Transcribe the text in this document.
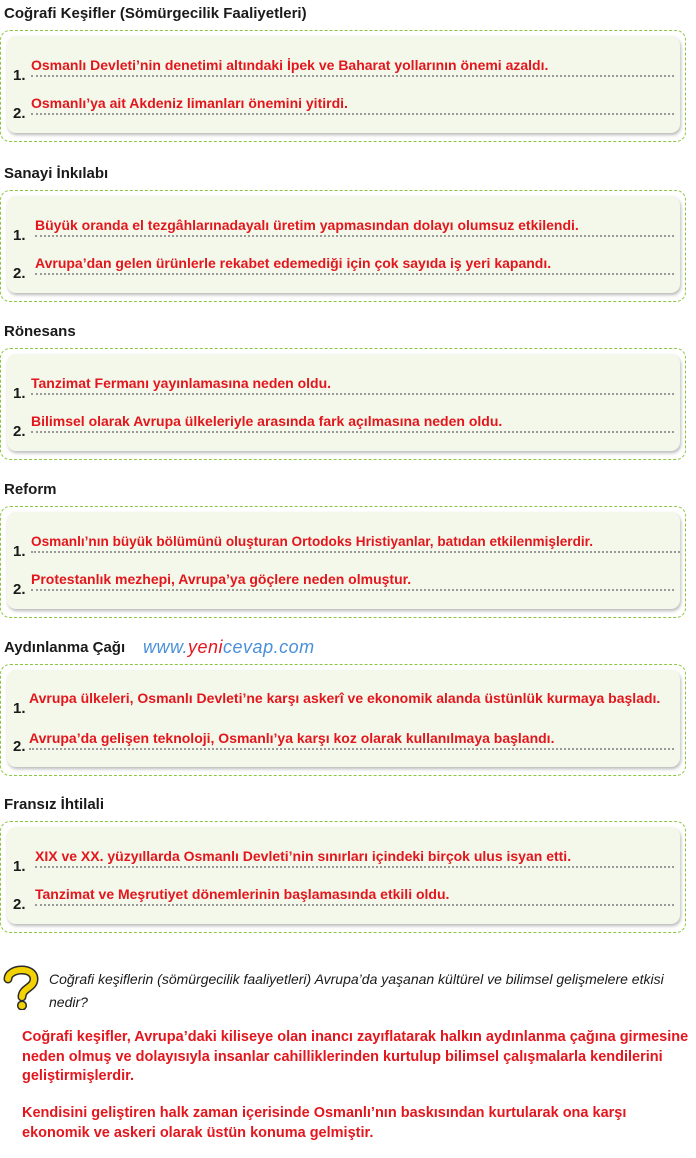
Coğrafi Keşifler (Sömürgecilik Faaliyetleri)
1.
Osmanlı Devleti’nin denetimi altındaki İpek ve Baharat yollarının önemi azaldı.
2.
Osmanlı’ya ait Akdeniz limanları önemini yitirdi.
Sanayi İnkılabı
1.
Büyük oranda el tezgâhlarınadayalı üretim yapmasından dolayı olumsuz etkilendi.
2.
Avrupa’dan gelen ürünlerle rekabet edemediği için çok sayıda iş yeri kapandı.
Rönesans
1.
Tanzimat Fermanı yayınlamasına neden oldu.
2.
Bilimsel olarak Avrupa ülkeleriyle arasında fark açılmasına neden oldu.
Reform
1.
Osmanlı’nın büyük bölümünü oluşturan Ortodoks Hristiyanlar, batıdan etkilenmişlerdir.
2.
Protestanlık mezhepi, Avrupa’ya göçlere neden olmuştur.
www.yenicevap.com
Aydınlanma Çağı
1.
Avrupa ülkeleri, Osmanlı Devleti’ne karşı askerî ve ekonomik alanda üstünlük kurmaya başladı.
2. Avrupa’da gelişen teknoloji, Osmanlı’ya karşı koz olarak kullanılmaya başlandı.
Fransız İhtilali
1.
XIX ve XX. yüzyıllarda Osmanlı Devleti’nin sınırları içindeki birçok ulus isyan etti.
2.
Tanzimat ve Meşrutiyet dönemlerinin başlamasında etkili oldu.
Coğrafi keşiflerin (sömürgecilik faaliyetleri) Avrupa’da yaşanan kültürel ve bilimsel gelişmelere etkisi nedir?
Coğrafi keşifler, Avrupa’daki kiliseye olan inancı zayıflatarak halkın aydınlanma çağına girmesine neden olmuş ve dolayısıyla insanlar cahilliklerinden kurtulup bilimsel çalışmalarla kendilerini geliştirmişlerdir.
Kendisini geliştiren halk zaman içerisinde Osmanlı’nın baskısından kurtularak ona karşı ekonomik ve askeri olarak üstün konuma gelmiştir.
